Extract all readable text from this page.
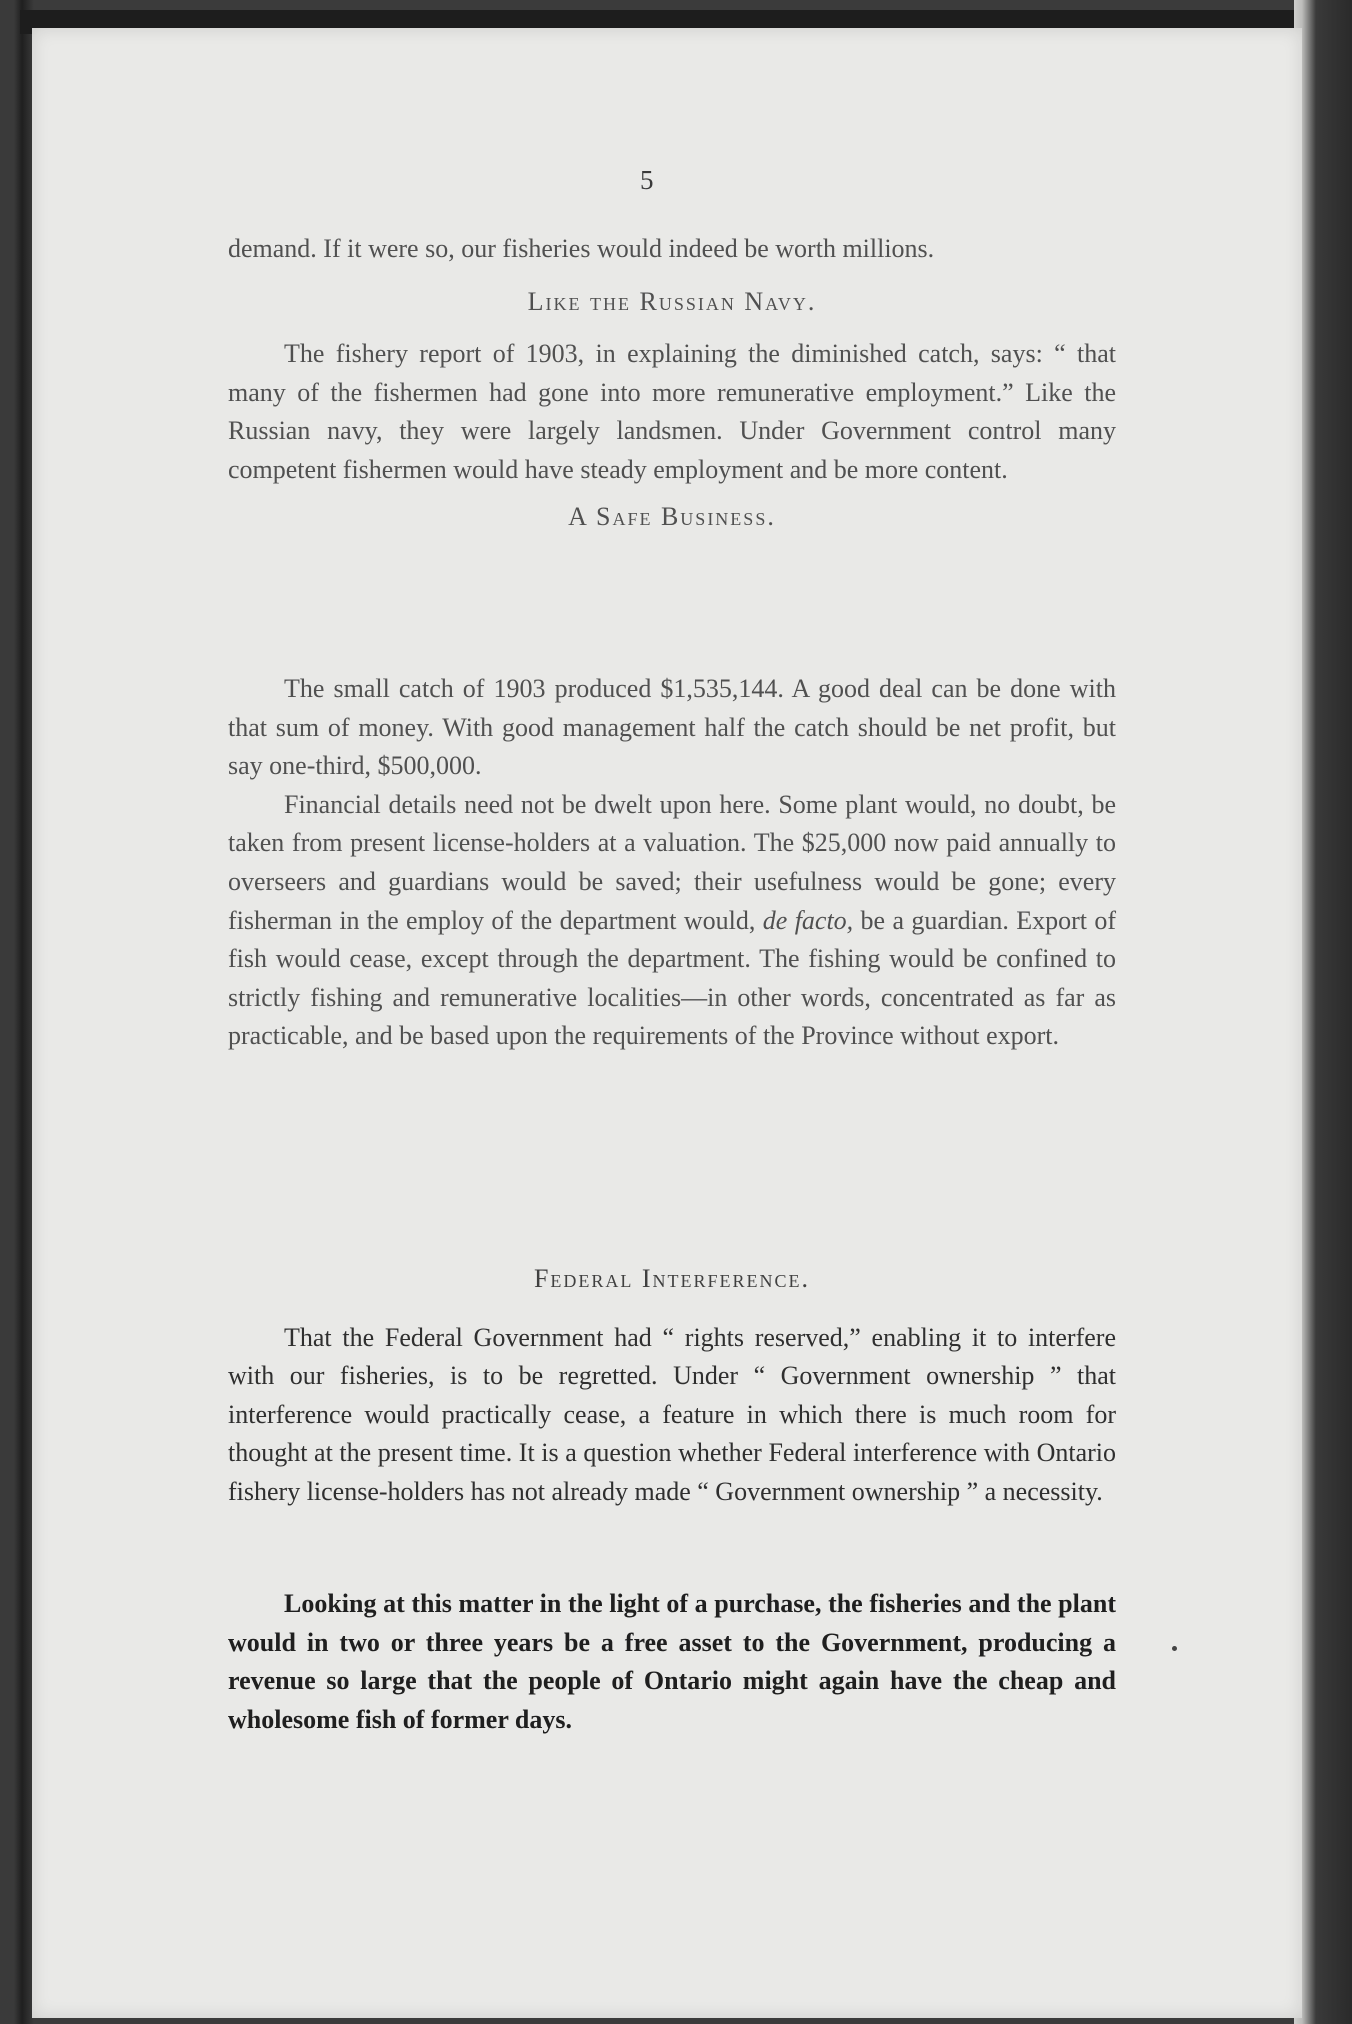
5

demand. If it were so, our fisheries would indeed be worth millions.

Like the Russian Navy.

The fishery report of 1903, in explaining the diminished catch, says: “ that many of the fishermen had gone into more remunerative employment.” Like the Russian navy, they were largely landsmen. Under Government control many competent fishermen would have steady employment and be more content.

A Safe Business.

The small catch of 1903 produced $1,535,144. A good deal can be done with that sum of money. With good management half the catch should be net profit, but say one-third, $500,000.

Financial details need not be dwelt upon here. Some plant would, no doubt, be taken from present license-holders at a valuation. The $25,000 now paid annually to overseers and guardians would be saved; their usefulness would be gone; every fisherman in the employ of the department would, de facto, be a guardian. Export of fish would cease, except through the department. The fishing would be confined to strictly fishing and remunerative localities—in other words, concentrated as far as practicable, and be based upon the requirements of the Province without export.

Federal Interference.

That the Federal Government had “ rights reserved,” enabling it to interfere with our fisheries, is to be regretted. Under “ Government ownership ” that interference would practically cease, a feature in which there is much room for thought at the present time. It is a question whether Federal interference with Ontario fishery license-holders has not already made “ Government ownership ” a necessity.

Looking at this matter in the light of a purchase, the fisheries and the plant would in two or three years be a free asset to the Government, producing a revenue so large that the people of Ontario might again have the cheap and wholesome fish of former days.
